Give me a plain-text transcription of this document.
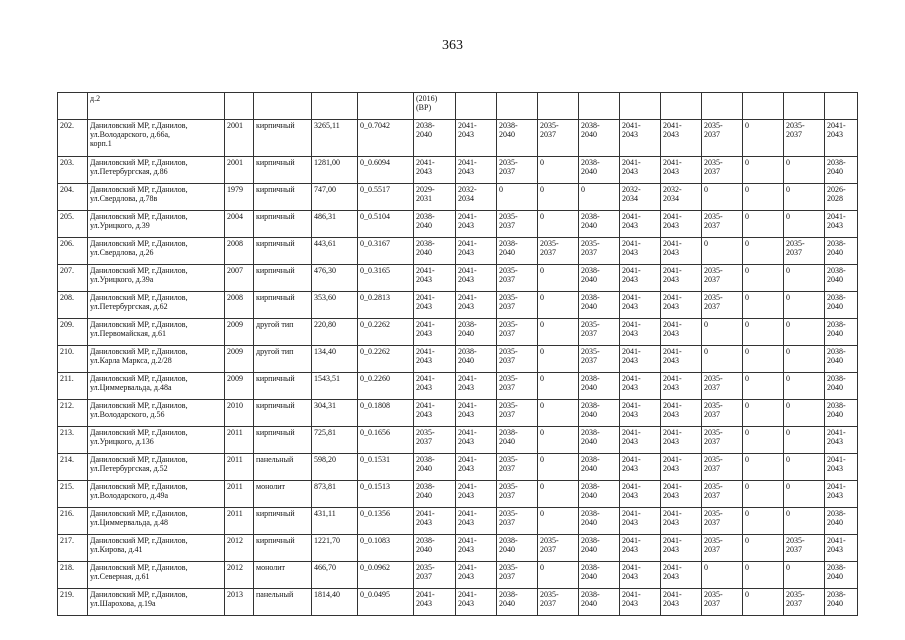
363
	д.2					(2016)
(ВР)										
202.	Даниловский МР, г.Данилов,
ул.Володарского, д.66а,
корп.1	2001	кирпичный	3265,11	0_0.7042	2038-
2040	2041-
2043	2038-
2040	2035-
2037	2038-
2040	2041-
2043	2041-
2043	2035-
2037	0	2035-
2037	2041-
2043
203.	Даниловский МР, г.Данилов,
ул.Петербургская, д.86	2001	кирпичный	1281,00	0_0.6094	2041-
2043	2041-
2043	2035-
2037	0	2038-
2040	2041-
2043	2041-
2043	2035-
2037	0	0	2038-
2040
204.	Даниловский МР, г.Данилов,
ул.Свердлова, д.78в	1979	кирпичный	747,00	0_0.5517	2029-
2031	2032-
2034	0	0	0	2032-
2034	2032-
2034	0	0	0	2026-
2028
205.	Даниловский МР, г.Данилов,
ул.Урицкого, д.39	2004	кирпичный	486,31	0_0.5104	2038-
2040	2041-
2043	2035-
2037	0	2038-
2040	2041-
2043	2041-
2043	2035-
2037	0	0	2041-
2043
206.	Даниловский МР, г.Данилов,
ул.Свердлова, д.26	2008	кирпичный	443,61	0_0.3167	2038-
2040	2041-
2043	2038-
2040	2035-
2037	2035-
2037	2041-
2043	2041-
2043	0	0	2035-
2037	2038-
2040
207.	Даниловский МР, г.Данилов,
ул.Урицкого, д.39а	2007	кирпичный	476,30	0_0.3165	2041-
2043	2041-
2043	2035-
2037	0	2038-
2040	2041-
2043	2041-
2043	2035-
2037	0	0	2038-
2040
208.	Даниловский МР, г.Данилов,
ул.Петербургская, д.62	2008	кирпичный	353,60	0_0.2813	2041-
2043	2041-
2043	2035-
2037	0	2038-
2040	2041-
2043	2041-
2043	2035-
2037	0	0	2038-
2040
209.	Даниловский МР, г.Данилов,
ул.Первомайская, д.61	2009	другой тип	220,80	0_0.2262	2041-
2043	2038-
2040	2035-
2037	0	2035-
2037	2041-
2043	2041-
2043	0	0	0	2038-
2040
210.	Даниловский МР, г.Данилов,
ул.Карла Маркса, д.2/28	2009	другой тип	134,40	0_0.2262	2041-
2043	2038-
2040	2035-
2037	0	2035-
2037	2041-
2043	2041-
2043	0	0	0	2038-
2040
211.	Даниловский МР, г.Данилов,
ул.Циммервальда, д.48а	2009	кирпичный	1543,51	0_0.2260	2041-
2043	2041-
2043	2035-
2037	0	2038-
2040	2041-
2043	2041-
2043	2035-
2037	0	0	2038-
2040
212.	Даниловский МР, г.Данилов,
ул.Володарского, д.56	2010	кирпичный	304,31	0_0.1808	2041-
2043	2041-
2043	2035-
2037	0	2038-
2040	2041-
2043	2041-
2043	2035-
2037	0	0	2038-
2040
213.	Даниловский МР, г.Данилов,
ул.Урицкого, д.136	2011	кирпичный	725,81	0_0.1656	2035-
2037	2041-
2043	2038-
2040	0	2038-
2040	2041-
2043	2041-
2043	2035-
2037	0	0	2041-
2043
214.	Даниловский МР, г.Данилов,
ул.Петербургская, д.52	2011	панельный	598,20	0_0.1531	2038-
2040	2041-
2043	2035-
2037	0	2038-
2040	2041-
2043	2041-
2043	2035-
2037	0	0	2041-
2043
215.	Даниловский МР, г.Данилов,
ул.Володарского, д.49а	2011	монолит	873,81	0_0.1513	2038-
2040	2041-
2043	2035-
2037	0	2038-
2040	2041-
2043	2041-
2043	2035-
2037	0	0	2041-
2043
216.	Даниловский МР, г.Данилов,
ул.Циммервальда, д.48	2011	кирпичный	431,11	0_0.1356	2041-
2043	2041-
2043	2035-
2037	0	2038-
2040	2041-
2043	2041-
2043	2035-
2037	0	0	2038-
2040
217.	Даниловский МР, г.Данилов,
ул.Кирова, д.41	2012	кирпичный	1221,70	0_0.1083	2038-
2040	2041-
2043	2038-
2040	2035-
2037	2038-
2040	2041-
2043	2041-
2043	2035-
2037	0	2035-
2037	2041-
2043
218.	Даниловский МР, г.Данилов,
ул.Северная, д.61	2012	монолит	466,70	0_0.0962	2035-
2037	2041-
2043	2035-
2037	0	2038-
2040	2041-
2043	2041-
2043	0	0	0	2038-
2040
219.	Даниловский МР, г.Данилов,
ул.Шарохова, д.19а	2013	панельный	1814,40	0_0.0495	2041-
2043	2041-
2043	2038-
2040	2035-
2037	2038-
2040	2041-
2043	2041-
2043	2035-
2037	0	2035-
2037	2038-
2040
